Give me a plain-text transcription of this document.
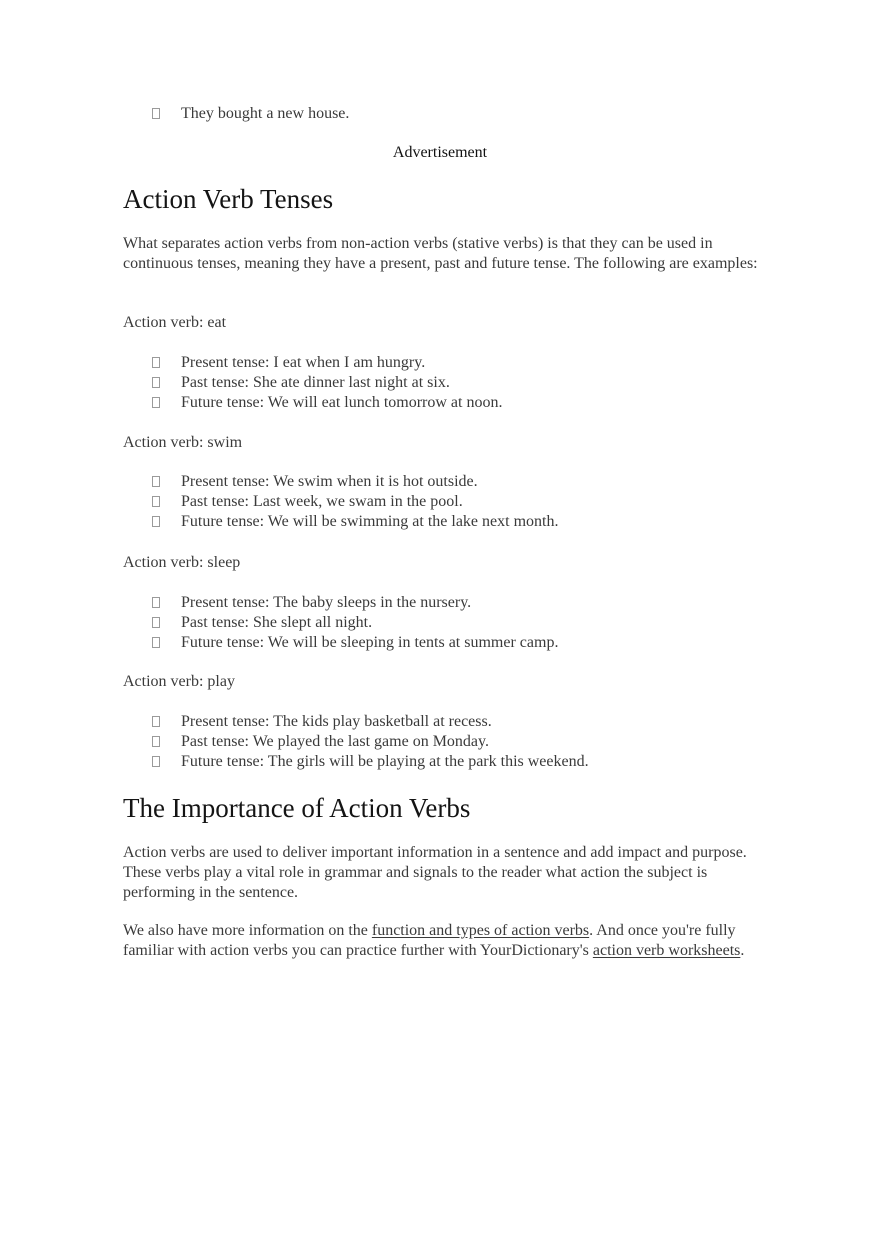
They bought a new house.
Action Verb Tenses

What separates action verbs from non-action verbs (stative verbs) is that they can be used in continuous tenses, meaning they have a present, past and future tense. The following are examples:

Action verb: eat

Present tense: I eat when I am hungry.
Past tense: She ate dinner last night at six.
Future tense: We will eat lunch tomorrow at noon.

Action verb: swim

Present tense: We swim when it is hot outside.
Past tense: Last week, we swam in the pool.
Future tense: We will be swimming at the lake next month.

Action verb: sleep

Present tense: The baby sleeps in the nursery.
Past tense: She slept all night.
Future tense: We will be sleeping in tents at summer camp.

Action verb: play

Present tense: The kids play basketball at recess.
Past tense: We played the last game on Monday.
Future tense: The girls will be playing at the park this weekend.
The Importance of Action Verbs

Action verbs are used to deliver important information in a sentence and add impact and purpose. These verbs play a vital role in grammar and signals to the reader what action the subject is performing in the sentence.

We also have more information on the function and types of action verbs. And once you're fully familiar with action verbs you can practice further with YourDictionary's action verb worksheets.

Advertisement
